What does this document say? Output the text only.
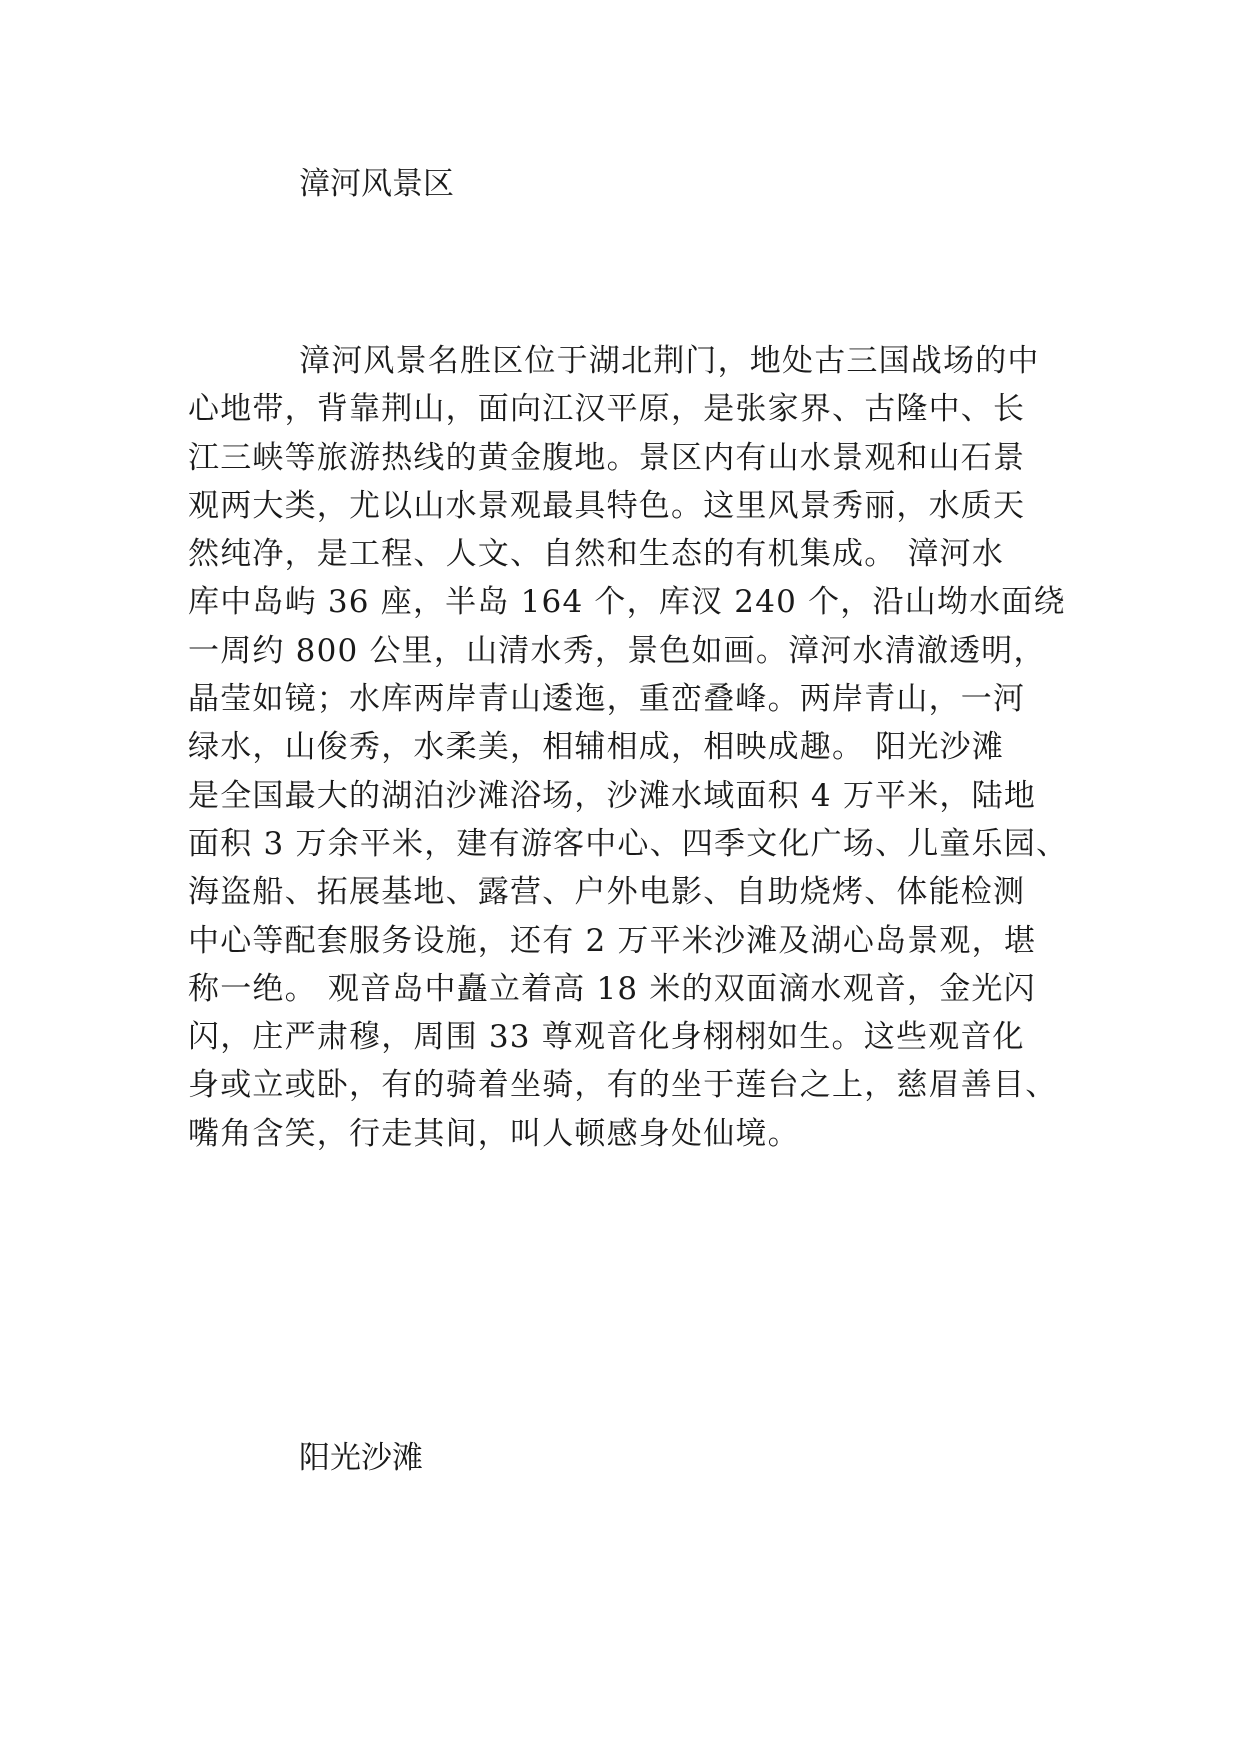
漳河风景区
漳河风景名胜区位于湖北荆门，地处古三国战场的中
心地带，背靠荆山，面向江汉平原，是张家界、古隆中、长
江三峡等旅游热线的黄金腹地。景区内有山水景观和山石景
观两大类，尤以山水景观最具特色。这里风景秀丽，水质天
然纯净，是工程、人文、自然和生态的有机集成。 漳河水
库中岛屿 36 座，半岛 164 个，库汊 240 个，沿山坳水面绕
一周约 800 公里，山清水秀，景色如画。漳河水清澈透明，
晶莹如镜；水库两岸青山逶迤，重峦叠峰。两岸青山，一河
绿水，山俊秀，水柔美，相辅相成，相映成趣。 阳光沙滩
是全国最大的湖泊沙滩浴场，沙滩水域面积 4 万平米，陆地
面积 3 万余平米，建有游客中心、四季文化广场、儿童乐园、
海盗船、拓展基地、露营、户外电影、自助烧烤、体能检测
中心等配套服务设施，还有 2 万平米沙滩及湖心岛景观，堪
称一绝。 观音岛中矗立着高 18 米的双面滴水观音，金光闪
闪，庄严肃穆，周围 33 尊观音化身栩栩如生。这些观音化
身或立或卧，有的骑着坐骑，有的坐于莲台之上，慈眉善目、
嘴角含笑，行走其间，叫人顿感身处仙境。
阳光沙滩
